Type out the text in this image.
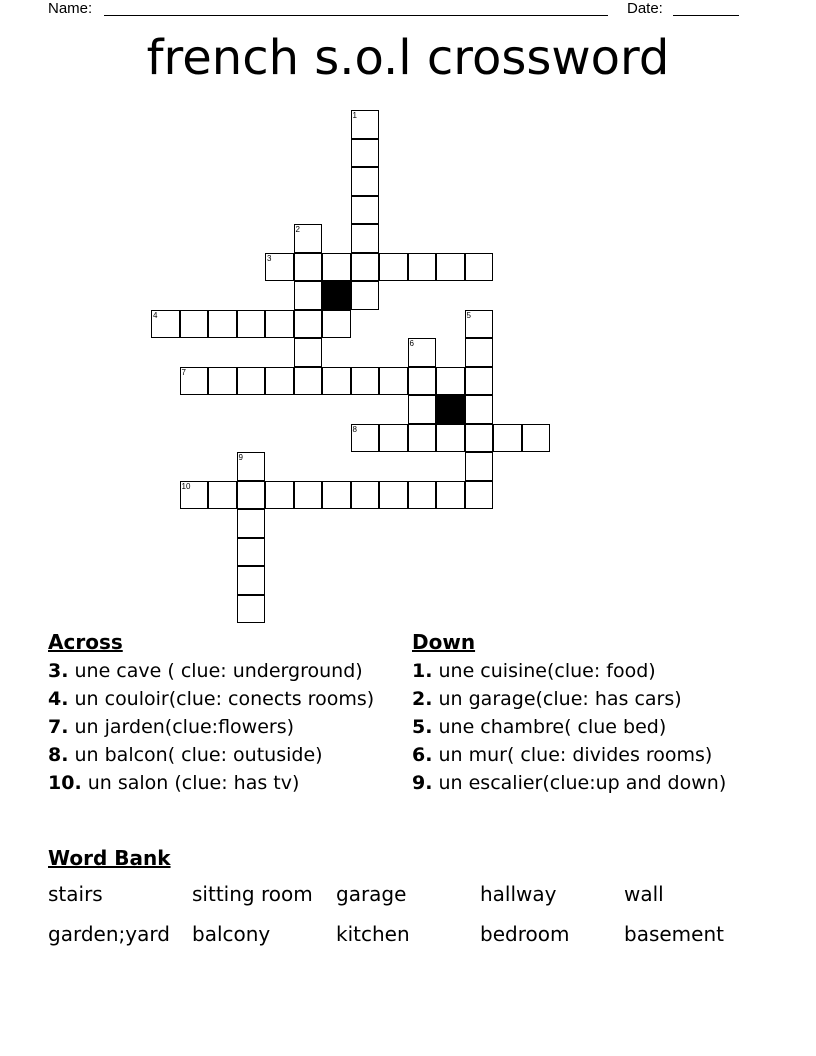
Name:	Date:
french s.o.l crossword
1
2
3
4	5
6
7
8
9
10
Across
3. une cave ( clue: underground)
4. un couloir(clue: conects rooms)
7. un jarden(clue:flowers)
8. un balcon( clue: outuside)
10. un salon (clue: has tv)
Down
1. une cuisine(clue: food)
2. un garage(clue: has cars)
5. une chambre( clue bed)
6. un mur( clue: divides rooms)
9. un escalier(clue:up and down)
Word Bank
stairs	sitting room	garage	hallway	wall
garden;yard	balcony	kitchen	bedroom	basement
